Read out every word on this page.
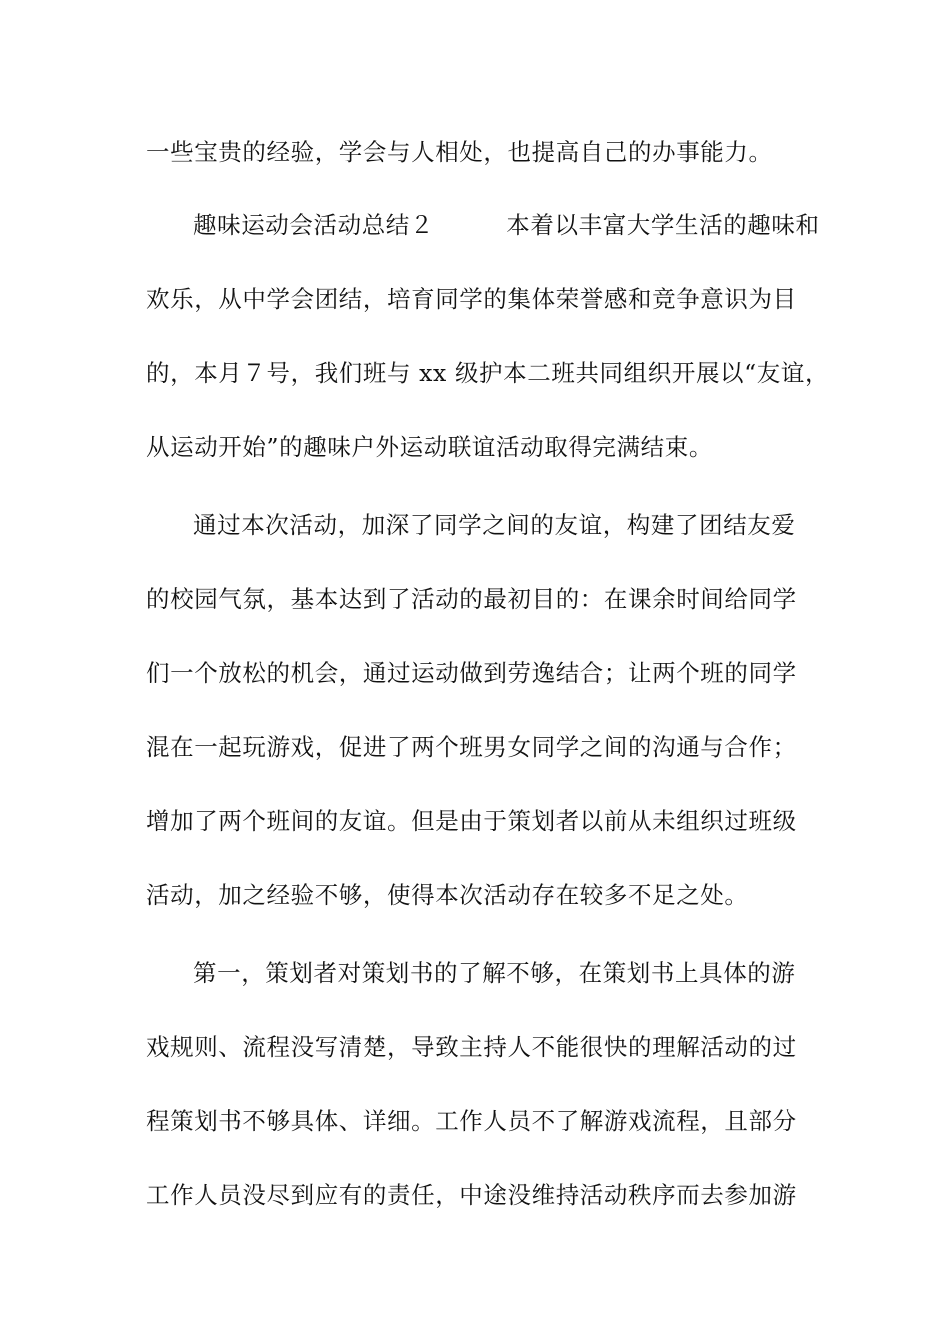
一些宝贵的经验，学会与人相处，也提高自己的办事能力。
趣味运动会活动总结２　　　本着以丰富大学生活的趣味和
欢乐，从中学会团结，培育同学的集体荣誉感和竞争意识为目
的，本月７号，我们班与 xx 级护本二班共同组织开展以“友谊，
从运动开始”的趣味户外运动联谊活动取得完满结束。
通过本次活动，加深了同学之间的友谊，构建了团结友爱
的校园气氛，基本达到了活动的最初目的：在课余时间给同学
们一个放松的机会，通过运动做到劳逸结合；让两个班的同学
混在一起玩游戏，促进了两个班男女同学之间的沟通与合作；
增加了两个班间的友谊。但是由于策划者以前从未组织过班级
活动，加之经验不够，使得本次活动存在较多不足之处。
第一，策划者对策划书的了解不够，在策划书上具体的游
戏规则、流程没写清楚，导致主持人不能很快的理解活动的过
程策划书不够具体、详细。工作人员不了解游戏流程，且部分
工作人员没尽到应有的责任，中途没维持活动秩序而去参加游
